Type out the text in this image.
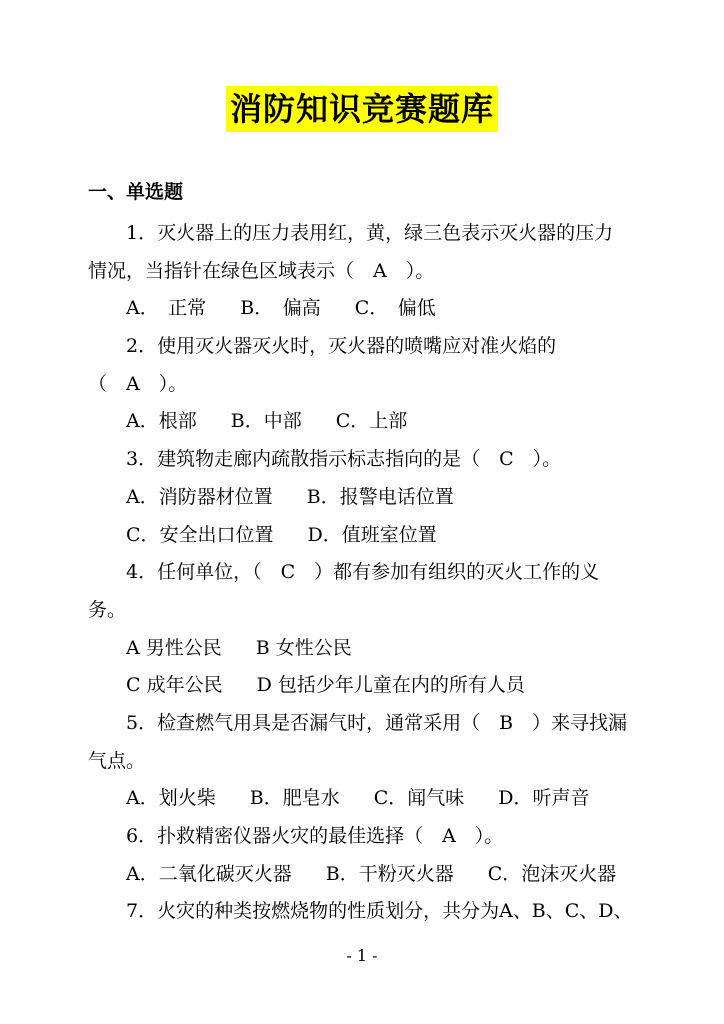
消防知识竞赛题库
一、单选题
1．灭火器上的压力表用红，黄，绿三色表示灭火器的压力
情况，当指针在绿色区域表示（　A　）。
A．　正常 B．　偏高 C．　偏低
2．使用灭火器灭火时，灭火器的喷嘴应对准火焰的
（　A　）。
A．根部 B．中部 C．上部
3．建筑物走廊内疏散指示标志指向的是（　C　）。
A．消防器材位置 B．报警电话位置
C．安全出口位置 D．值班室位置
4．任何单位，（　C　）都有参加有组织的灭火工作的义
务。
A 男性公民 B 女性公民
C 成年公民 D 包括少年儿童在内的所有人员
5．检查燃气用具是否漏气时，通常采用（　B　）来寻找漏
气点。
A．划火柴 B．肥皂水 C．闻气味 D．听声音
6．扑救精密仪器火灾的最佳选择（　A　）。
A．二氧化碳灭火器 B．干粉灭火器 C．泡沫灭火器
7．火灾的种类按燃烧物的性质划分，共分为A、B、C、D、
- 1 -
